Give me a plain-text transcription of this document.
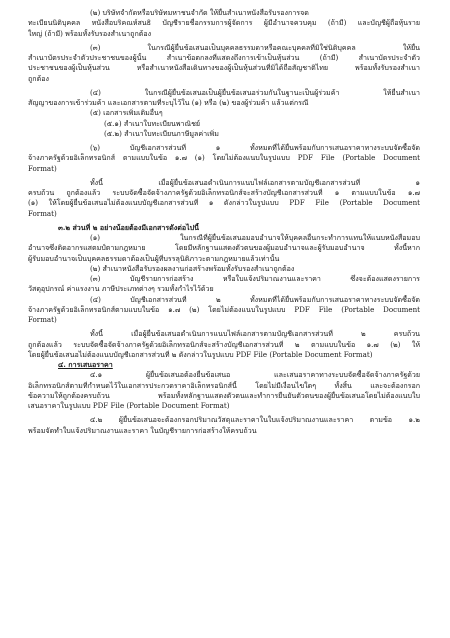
(๒) บริษัทจำกัดหรือบริษัทมหาชนจำกัด ให้ยื่นสำเนาหนังสือรับรองการจด

ทะเบียนนิติบุคคล หนังสือบริคณห์สนธิ บัญชีรายชื่อกรรมการผู้จัดการ ผู้มีอำนาจควบคุม (ถ้ามี) และบัญชีผู้ถือหุ้นราย

ใหญ่ (ถ้ามี) พร้อมทั้งรับรองสำเนาถูกต้อง

(๓) ในกรณีผู้ยื่นข้อเสนอเป็นบุคคลธรรมดาหรือคณะบุคคลที่มิใช่นิติบุคคล ให้ยื่น

สำเนาบัตรประจำตัวประชาชนของผู้นั้น สำเนาข้อตกลงที่แสดงถึงการเข้าเป็นหุ้นส่วน (ถ้ามี) สำเนาบัตรประจำตัว

ประชาชนของผู้เป็นหุ้นส่วน หรือสำเนาหนังสือเดินทางของผู้เป็นหุ้นส่วนที่มิได้ถือสัญชาติไทย พร้อมทั้งรับรองสำเนา

ถูกต้อง

(๔) ในกรณีผู้ยื่นข้อเสนอเป็นผู้ยื่นข้อเสนอร่วมกันในฐานะเป็นผู้ร่วมค้า ให้ยื่นสำเนา

สัญญาของการเข้าร่วมค้า และเอกสารตามที่ระบุไว้ใน (๑) หรือ (๒) ของผู้ร่วมค้า แล้วแต่กรณี

(๕) เอกสารเพิ่มเติมอื่นๆ

(๕.๑) สำเนาใบทะเบียนพาณิชย์

(๕.๒) สำเนาใบทะเบียนภาษีมูลค่าเพิ่ม

(๖) บัญชีเอกสารส่วนที่ ๑ ทั้งหมดที่ได้ยื่นพร้อมกับการเสนอราคาทางระบบจัดซื้อจัด

จ้างภาครัฐด้วยอิเล็กทรอนิกส์ ตามแบบในข้อ ๑.๗ (๑) โดยไม่ต้องแนบในรูปแบบ PDF File (Portable Document

Format)

ทั้งนี้ เมื่อผู้ยื่นข้อเสนอดำเนินการแนบไฟล์เอกสารตามบัญชีเอกสารส่วนที่ ๑

ครบถ้วน ถูกต้องแล้ว ระบบจัดซื้อจัดจ้างภาครัฐด้วยอิเล็กทรอนิกส์จะสร้างบัญชีเอกสารส่วนที่ ๑ ตามแบบในข้อ ๑.๗

(๑) ให้โดยผู้ยื่นข้อเสนอไม่ต้องแนบบัญชีเอกสารส่วนที่ ๑ ดังกล่าวในรูปแบบ PDF File (Portable Document

Format)

๓.๒ ส่วนที่ ๒ อย่างน้อยต้องมีเอกสารดังต่อไปนี้

(๑) ในกรณีที่ผู้ยื่นข้อเสนอมอบอำนาจให้บุคคลอื่นกระทำการแทนให้แนบหนังสือมอบ

อำนาจซึ่งติดอากรแสตมป์ตามกฎหมาย โดยมีหลักฐานแสดงตัวตนของผู้มอบอำนาจและผู้รับมอบอำนาจ ทั้งนี้หาก

ผู้รับมอบอำนาจเป็นบุคคลธรรมดาต้องเป็นผู้ที่บรรลุนิติภาวะตามกฎหมายแล้วเท่านั้น

(๒) สำเนาหนังสือรับรองผลงานก่อสร้างพร้อมทั้งรับรองสำเนาถูกต้อง

(๓) บัญชีรายการก่อสร้าง หรือใบแจ้งปริมาณงานและราคา ซึ่งจะต้องแสดงรายการ

วัสดุอุปกรณ์ ค่าแรงงาน ภาษีประเภทต่างๆ รวมทั้งกำไรไว้ด้วย

(๔) บัญชีเอกสารส่วนที่ ๒ ทั้งหมดที่ได้ยื่นพร้อมกับการเสนอราคาทางระบบจัดซื้อจัด

จ้างภาครัฐด้วยอิเล็กทรอนิกส์ตามแบบในข้อ ๑.๗ (๒) โดยไม่ต้องแนบในรูปแบบ PDF File (Portable Document

Format)

ทั้งนี้ เมื่อผู้ยื่นข้อเสนอดำเนินการแนบไฟล์เอกสารตามบัญชีเอกสารส่วนที่ ๒ ครบถ้วน

ถูกต้องแล้ว ระบบจัดซื้อจัดจ้างภาครัฐด้วยอิเล็กทรอนิกส์จะสร้างบัญชีเอกสารส่วนที่ ๒ ตามแบบในข้อ ๑.๗ (๒) ให้

โดยผู้ยื่นข้อเสนอไม่ต้องแนบบัญชีเอกสารส่วนที่ ๒ ดังกล่าวในรูปแบบ PDF File (Portable Document Format)

๔. การเสนอราคา

๔.๑ ผู้ยื่นข้อเสนอต้องยื่นข้อเสนอ และเสนอราคาทางระบบจัดซื้อจัดจ้างภาครัฐด้วย

อิเล็กทรอนิกส์ตามที่กำหนดไว้ในเอกสารประกวดราคาอิเล็กทรอนิกส์นี้ โดยไม่มีเงื่อนไขใดๆ ทั้งสิ้น และจะต้องกรอก

ข้อความให้ถูกต้องครบถ้วน พร้อมทั้งหลักฐานแสดงตัวตนและทำการยืนยันตัวตนของผู้ยื่นข้อเสนอโดยไม่ต้องแนบใบ

เสนอราคาในรูปแบบ PDF File (Portable Document Format)

๔.๒ ผู้ยื่นข้อเสนอจะต้องกรอกปริมาณวัสดุและราคาในใบแจ้งปริมาณงานและราคา ตามข้อ ๑.๒

พร้อมจัดทำใบแจ้งปริมาณงานและราคา ในบัญชีรายการก่อสร้างให้ครบถ้วน
